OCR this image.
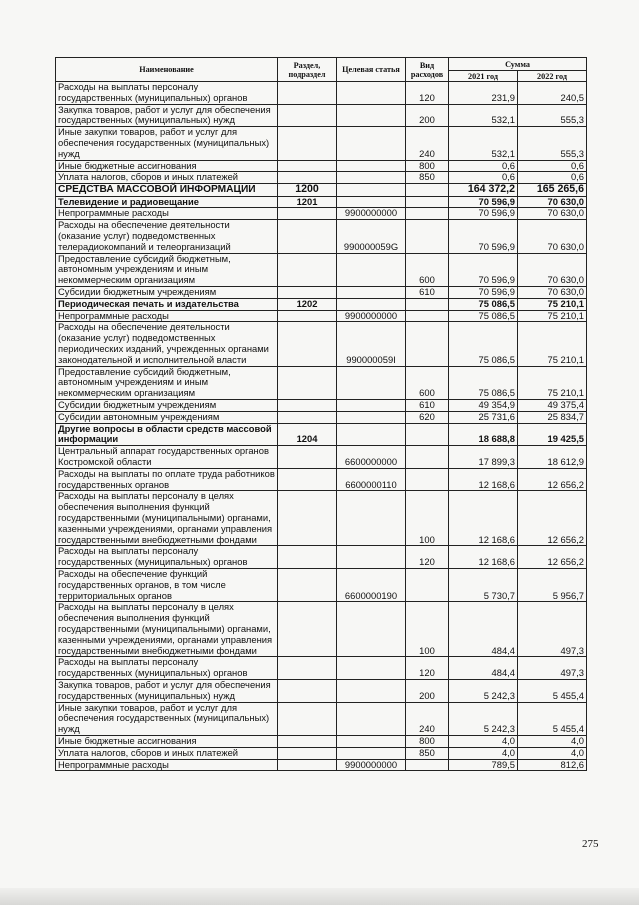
Наименование	Раздел, подраздел	Целевая статья	Вид расходов	Сумма	
				2021 год	2022 год
Расходы на выплаты персоналу государственных (муниципальных) органов			120	231,9	240,5
Закупка товаров, работ и услуг для обеспечения государственных (муниципальных) нужд			200	532,1	555,3
Иные закупки товаров, работ и услуг для обеспечения государственных (муниципальных) нужд			240	532,1	555,3
Иные бюджетные ассигнования			800	0,6	0,6
Уплата налогов, сборов и иных платежей			850	0,6	0,6
СРЕДСТВА МАССОВОЙ ИНФОРМАЦИИ	1200			164 372,2	165 265,6
Телевидение и радиовещание	1201			70 596,9	70 630,0
Непрограммные расходы		9900000000		70 596,9	70 630,0
Расходы на обеспечение деятельности (оказание услуг) подведомственных телерадиокомпаний и телеорганизаций		990000059G		70 596,9	70 630,0
Предоставление субсидий бюджетным, автономным учреждениям и иным некоммерческим организациям			600	70 596,9	70 630,0
Субсидии бюджетным учреждениям			610	70 596,9	70 630,0
Периодическая печать и издательства	1202			75 086,5	75 210,1
Непрограммные расходы		9900000000		75 086,5	75 210,1
Расходы на обеспечение деятельности (оказание услуг) подведомственных периодических изданий, учрежденных органами законодательной и исполнительной власти		990000059I		75 086,5	75 210,1
Предоставление субсидий бюджетным, автономным учреждениям и иным некоммерческим организациям			600	75 086,5	75 210,1
Субсидии бюджетным учреждениям			610	49 354,9	49 375,4
Субсидии автономным учреждениям			620	25 731,6	25 834,7
Другие вопросы в области средств массовой информации	1204			18 688,8	19 425,5
Центральный аппарат государственных органов Костромской области		6600000000		17 899,3	18 612,9
Расходы на выплаты по оплате труда работников государственных органов		6600000110		12 168,6	12 656,2
Расходы на выплаты персоналу в целях обеспечения выполнения функций государственными (муниципальными) органами, казенными учреждениями, органами управления государственными внебюджетными фондами			100	12 168,6	12 656,2
Расходы на выплаты персоналу государственных (муниципальных) органов			120	12 168,6	12 656,2
Расходы на обеспечение функций государственных органов, в том числе территориальных органов		6600000190		5 730,7	5 956,7
Расходы на выплаты персоналу в целях обеспечения выполнения функций государственными (муниципальными) органами, казенными учреждениями, органами управления государственными внебюджетными фондами			100	484,4	497,3
Расходы на выплаты персоналу государственных (муниципальных) органов			120	484,4	497,3
Закупка товаров, работ и услуг для обеспечения государственных (муниципальных) нужд			200	5 242,3	5 455,4
Иные закупки товаров, работ и услуг для обеспечения государственных (муниципальных) нужд			240	5 242,3	5 455,4
Иные бюджетные ассигнования			800	4,0	4,0
Уплата налогов, сборов и иных платежей			850	4,0	4,0
Непрограммные расходы		9900000000		789,5	812,6
275
